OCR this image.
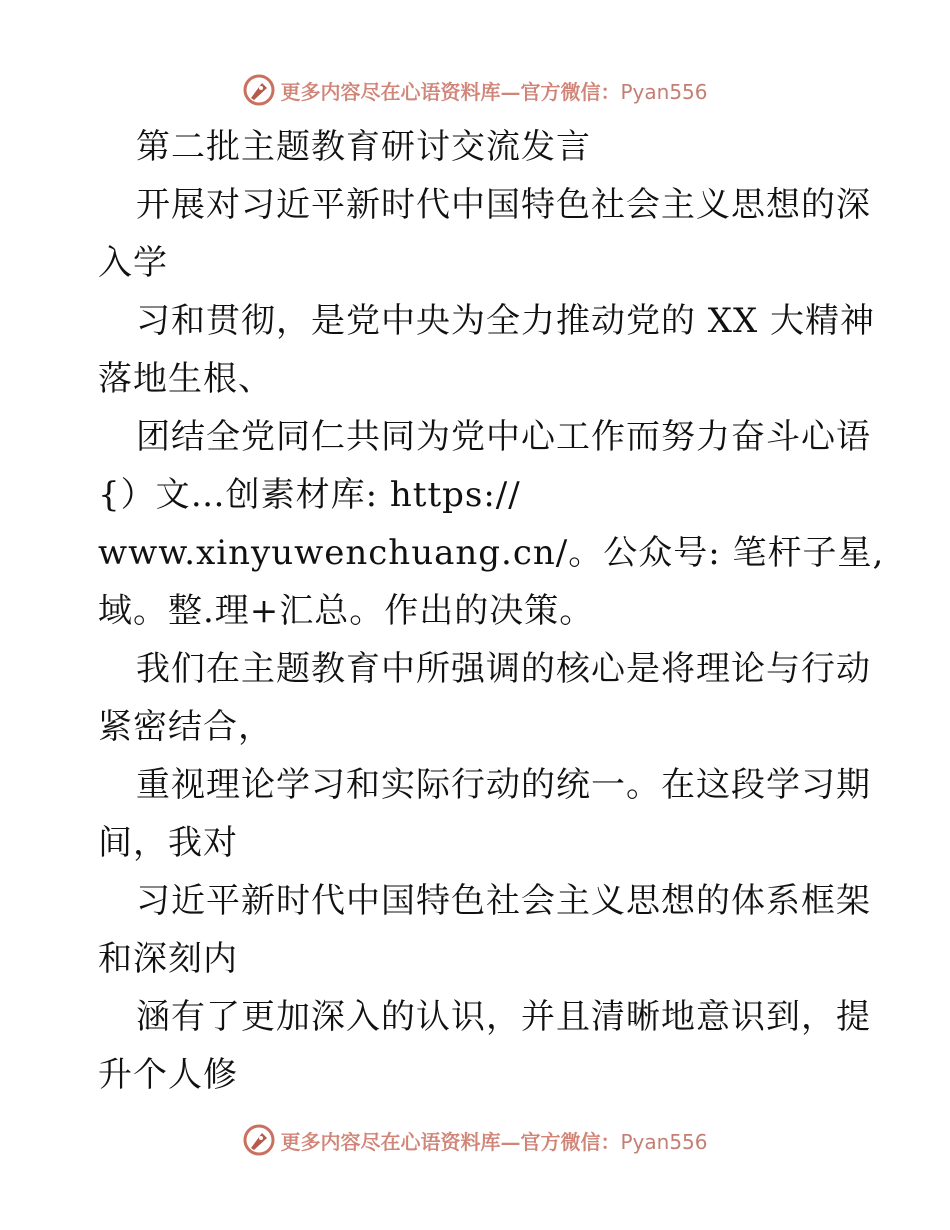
更多内容尽在心语资料库—官方微信：Pyan556
第二批主题教育研讨交流发言
开展对习近平新时代中国特色社会主义思想的深
入学
习和贯彻，是党中央为全力推动党的 XX 大精神
落地生根、
团结全党同仁共同为党中心工作而努力奋斗心语
{）文…创素材库: https://
www.xinyuwenchuang.cn/。公众号: 笔杆子星,
域。整.理+汇总。作出的决策。
我们在主题教育中所强调的核心是将理论与行动
紧密结合，
重视理论学习和实际行动的统一。在这段学习期
间，我对
习近平新时代中国特色社会主义思想的体系框架
和深刻内
涵有了更加深入的认识，并且清晰地意识到，提
升个人修
更多内容尽在心语资料库—官方微信：Pyan556
